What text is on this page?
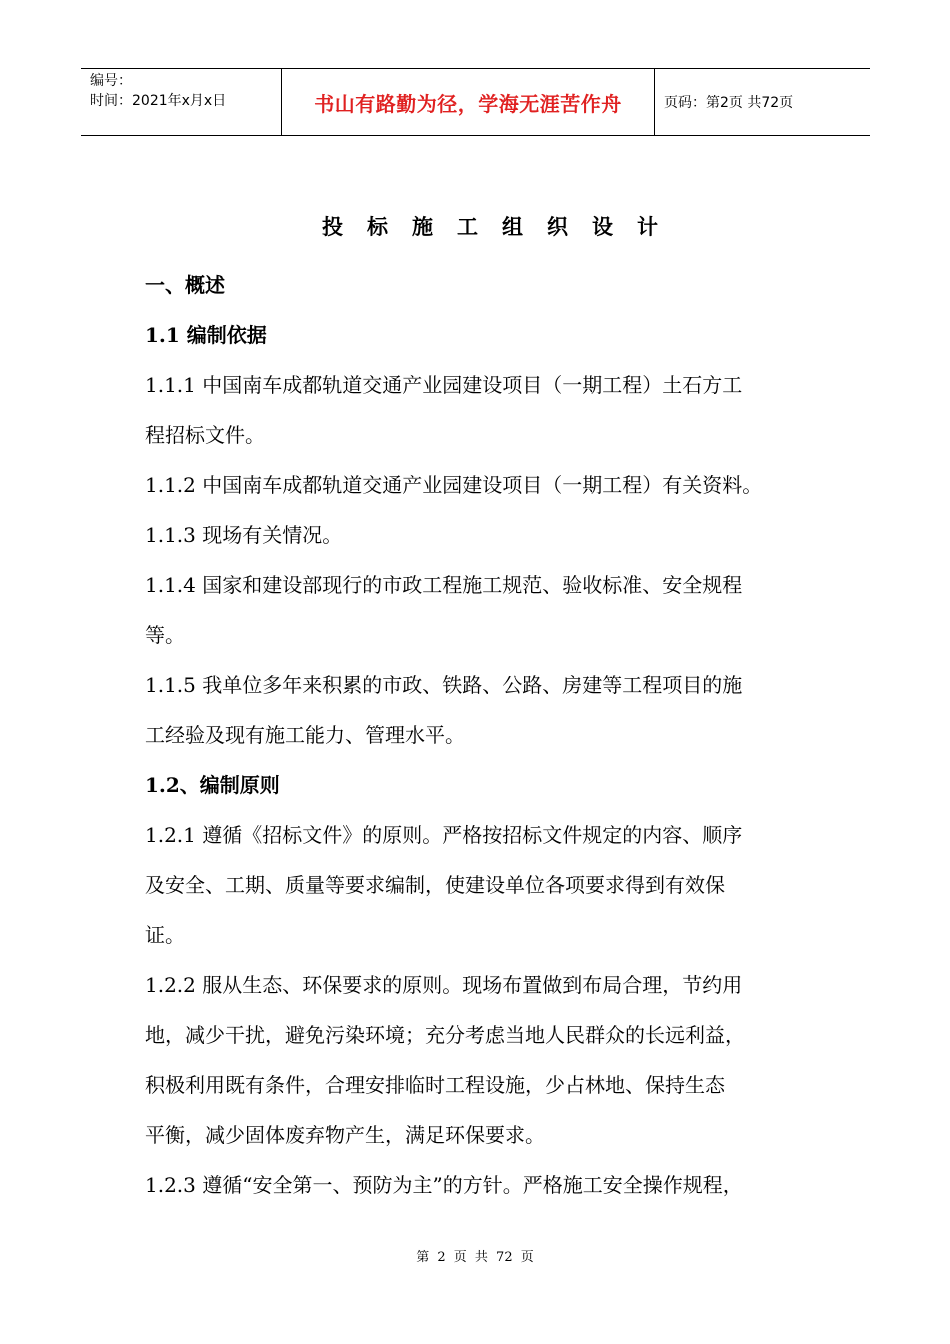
编号：
时间：2021年x月x日	书山有路勤为径，学海无涯苦作舟	页码：第2页 共72页
投标施工组织设计

一、概述

1.1 编制依据

1.1.1 中国南车成都轨道交通产业园建设项目（一期工程）土石方工

程招标文件。

1.1.2 中国南车成都轨道交通产业园建设项目（一期工程）有关资料。

1.1.3 现场有关情况。

1.1.4 国家和建设部现行的市政工程施工规范、验收标准、安全规程

等。

1.1.5 我单位多年来积累的市政、铁路、公路、房建等工程项目的施

工经验及现有施工能力、管理水平。

1.2、编制原则

1.2.1 遵循《招标文件》的原则。严格按招标文件规定的内容、顺序

及安全、工期、质量等要求编制，使建设单位各项要求得到有效保

证。

1.2.2 服从生态、环保要求的原则。现场布置做到布局合理，节约用

地，减少干扰，避免污染环境；充分考虑当地人民群众的长远利益，

积极利用既有条件，合理安排临时工程设施，少占林地、保持生态

平衡，减少固体废弃物产生，满足环保要求。

1.2.3 遵循“安全第一、预防为主”的方针。严格施工安全操作规程，

第 2 页 共 72 页
